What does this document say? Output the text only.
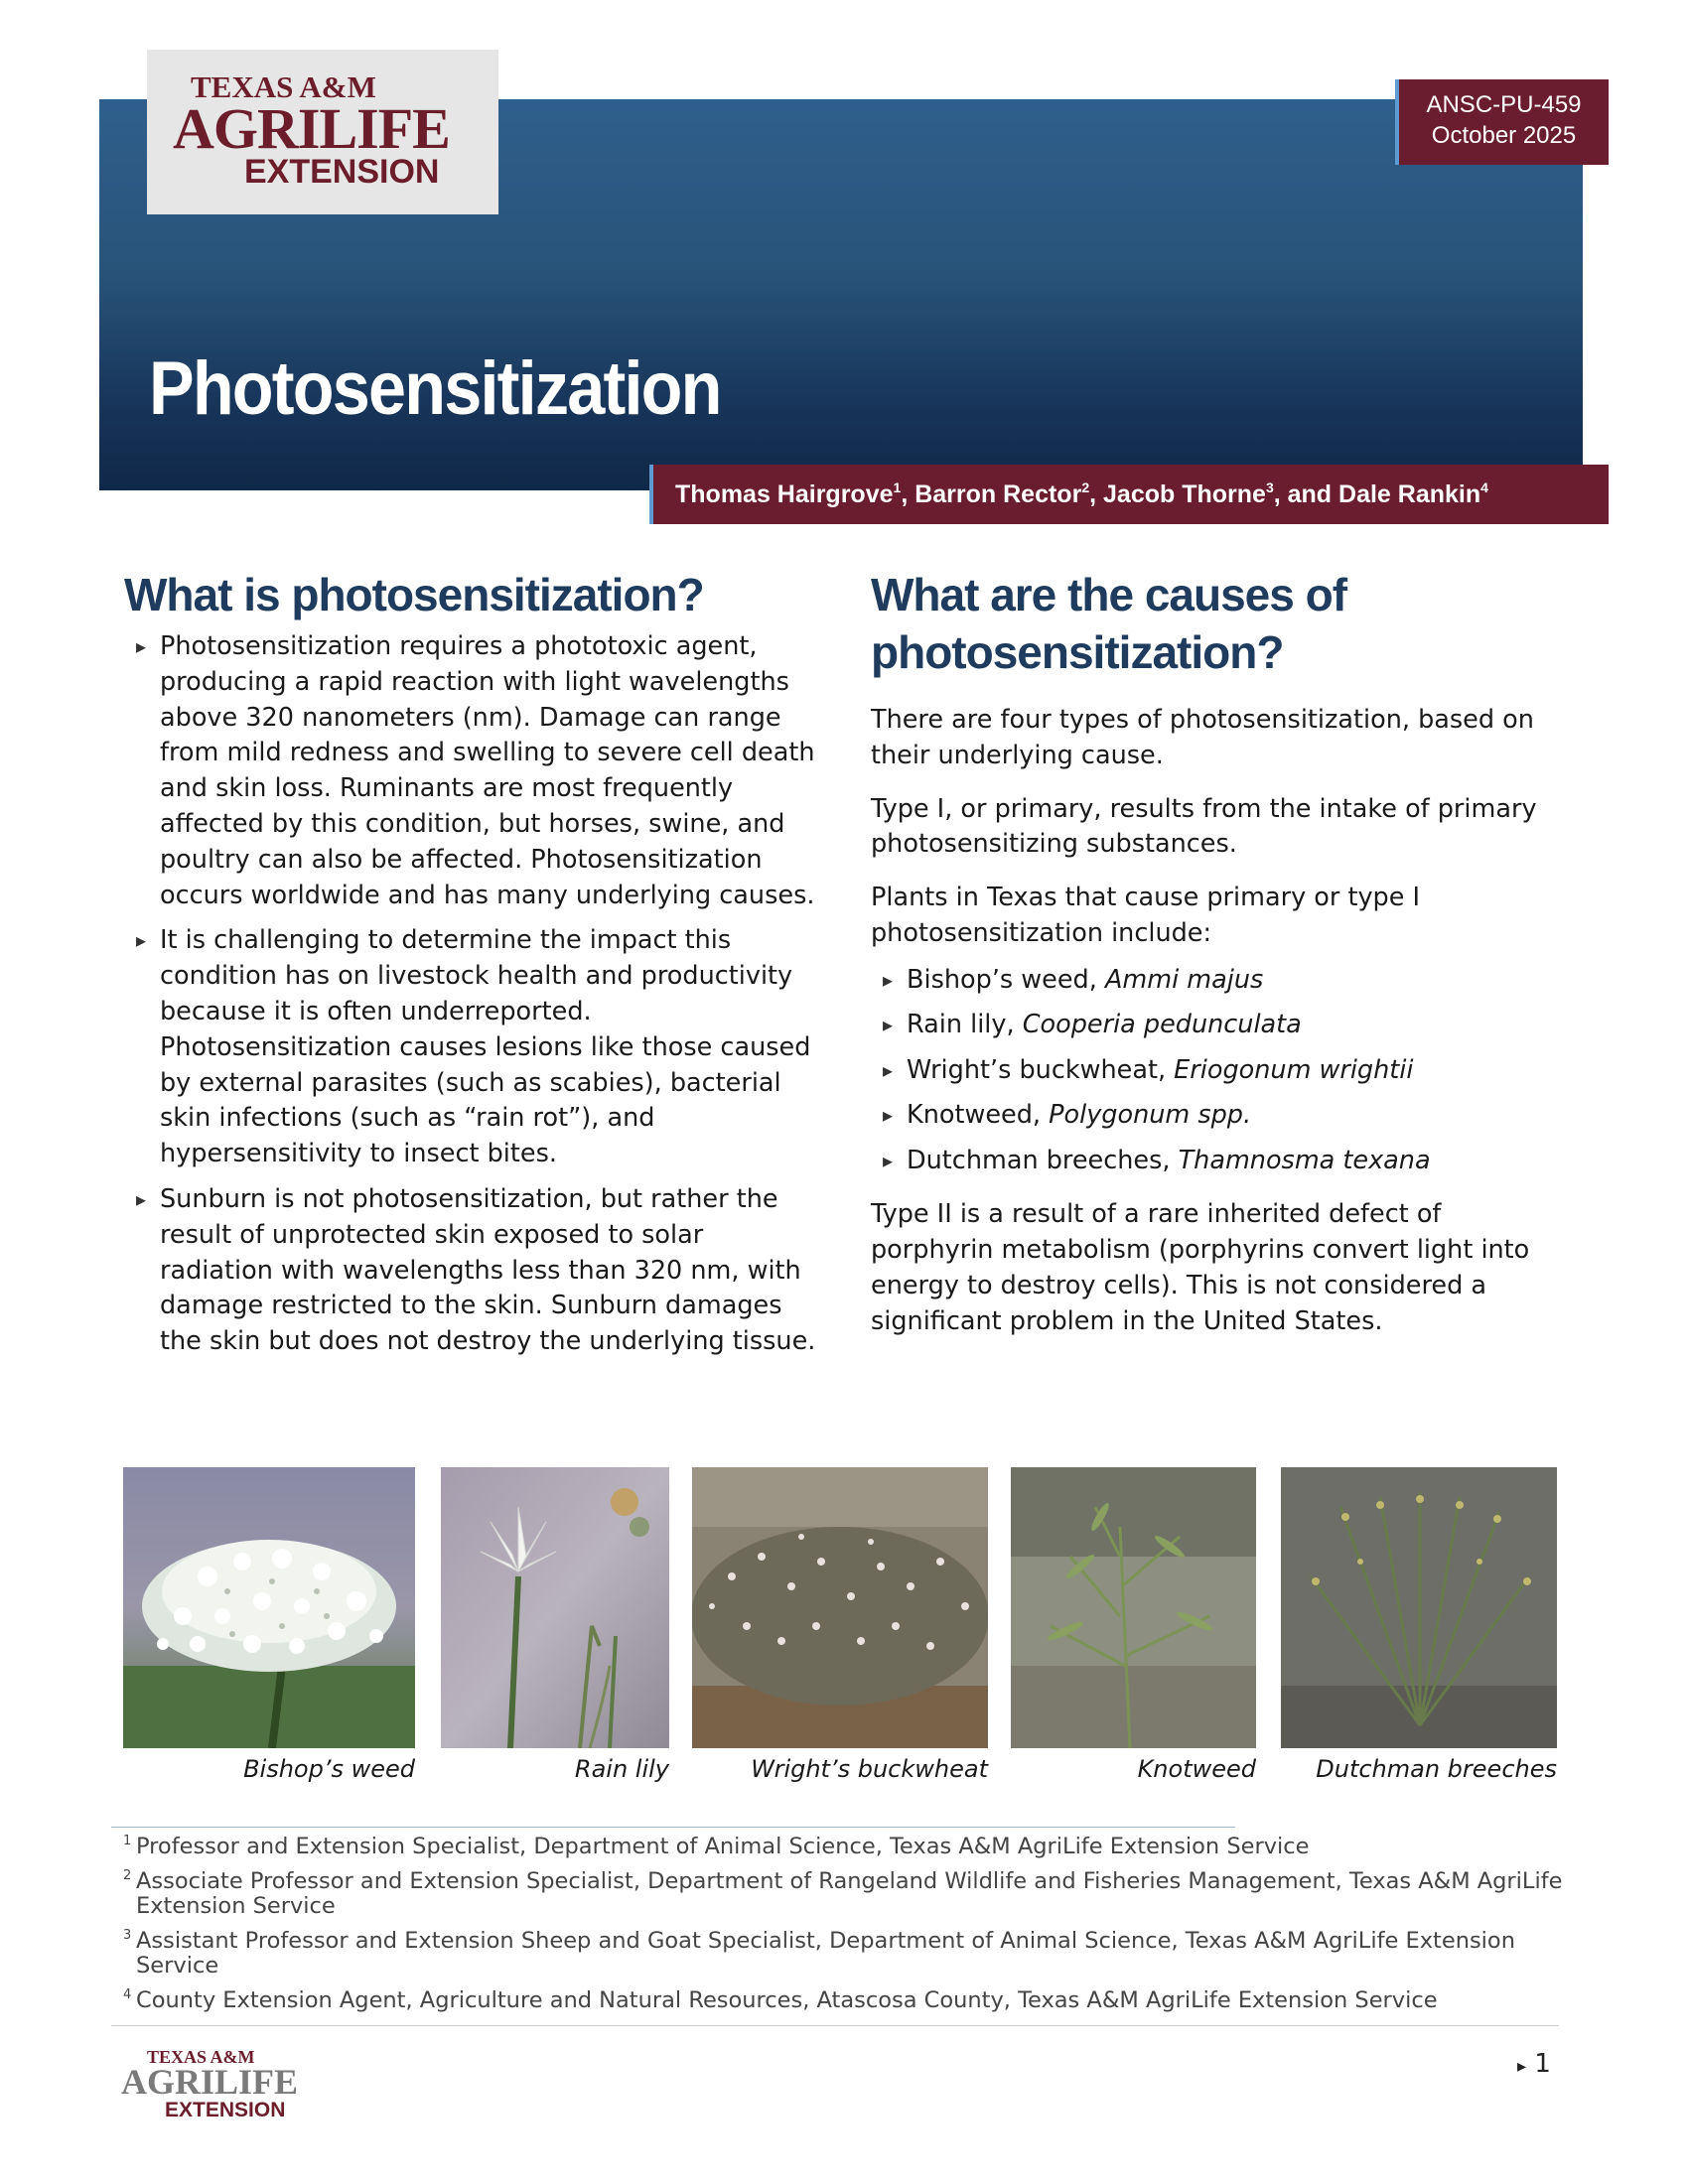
TEXAS A&M
AGRILIFE
EXTENSION
ANSC-PU-459
October 2025
Photosensitization
Thomas Hairgrove$^1$, Barron Rector$^2$, Jacob Thorne$^3$, and Dale Rankin$^4$
What is photosensitization?
▸ Photosensitization requires a phototoxic agent, producing a rapid reaction with light wavelengths above 320 nanometers (nm). Damage can range from mild redness and swelling to severe cell death and skin loss. Ruminants are most frequently affected by this condition, but horses, swine, and poultry can also be affected. Photosensitization occurs worldwide and has many underlying causes.
▸ It is challenging to determine the impact this condition has on livestock health and productivity because it is often underreported. Photosensitization causes lesions like those caused by external parasites (such as scabies), bacterial skin infections (such as “rain rot”), and hypersensitivity to insect bites.
▸ Sunburn is not photosensitization, but rather the result of unprotected skin exposed to solar radiation with wavelengths less than 320 nm, with damage restricted to the skin. Sunburn damages the skin but does not destroy the underlying tissue.
What are the causes of
photosensitization?

There are four types of photosensitization, based on their underlying cause.

Type I, or primary, results from the intake of primary photosensitizing substances.

Plants in Texas that cause primary or type I photosensitization include:

▸ Bishop’s weed, Ammi majus
▸ Rain lily, Cooperia pedunculata
▸ Wright’s buckwheat, Eriogonum wrightii
▸ Knotweed, Polygonum spp.
▸ Dutchman breeches, Thamnosma texana

Type II is a result of a rare inherited defect of porphyrin metabolism (porphyrins convert light into energy to destroy cells). This is not considered a significant problem in the United States.

Bishop’s weed	Rain lily	Wright’s buckwheat	Knotweed	Dutchman breeches
1 Professor and Extension Specialist, Department of Animal Science, Texas A&M AgriLife Extension Service
2 Associate Professor and Extension Specialist, Department of Rangeland Wildlife and Fisheries Management, Texas A&M AgriLife Extension Service
3 Assistant Professor and Extension Sheep and Goat Specialist, Department of Animal Science, Texas A&M AgriLife Extension Service
4 County Extension Agent, Agriculture and Natural Resources, Atascosa County, Texas A&M AgriLife Extension Service
TEXAS A&M
AGRILIFE
EXTENSION
▸ 1
